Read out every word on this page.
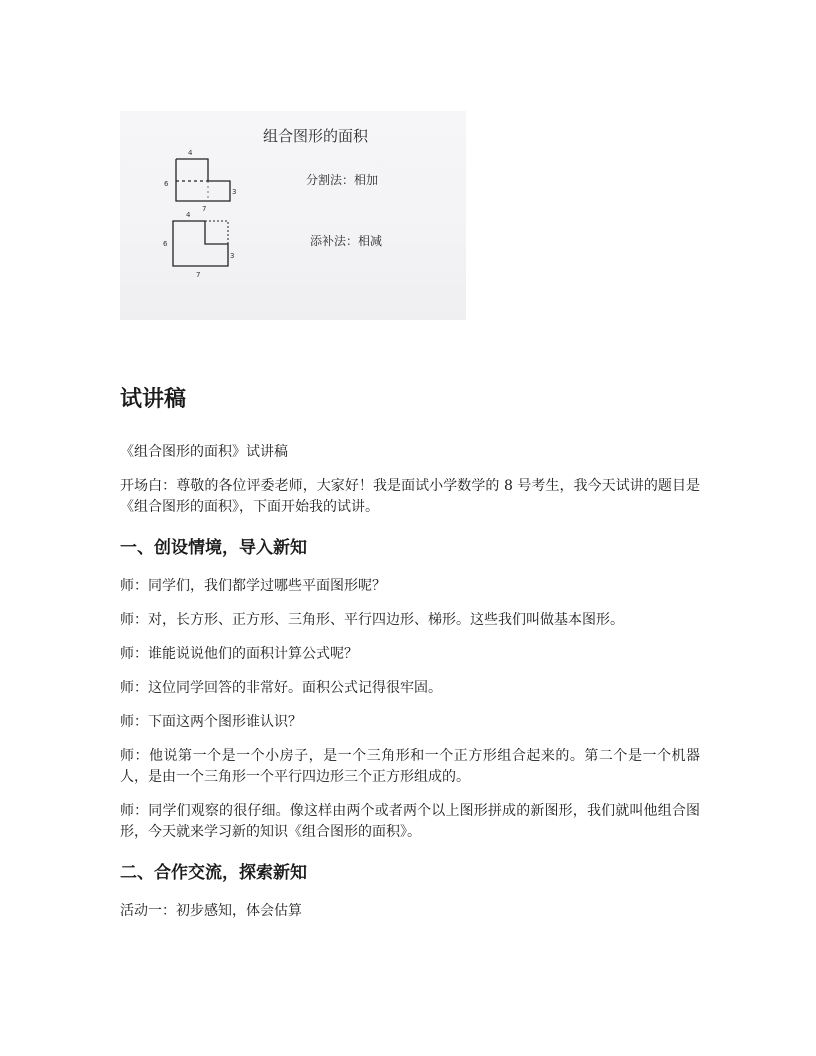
组合图形的面积
4
6
3
7
分割法：相加
4
6
3
7
添补法：相减
试讲稿

《组合图形的面积》试讲稿

开场白：尊敬的各位评委老师，大家好！我是面试小学数学的 8 号考生，我今天试讲的题目是《组合图形的面积》，下面开始我的试讲。

一、创设情境，导入新知

师：同学们，我们都学过哪些平面图形呢？

师：对，长方形、正方形、三角形、平行四边形、梯形。这些我们叫做基本图形。

师：谁能说说他们的面积计算公式呢？

师：这位同学回答的非常好。面积公式记得很牢固。

师：下面这两个图形谁认识？

师：他说第一个是一个小房子，是一个三角形和一个正方形组合起来的。第二个是一个机器人，是由一个三角形一个平行四边形三个正方形组成的。

师：同学们观察的很仔细。像这样由两个或者两个以上图形拼成的新图形，我们就叫他组合图形，今天就来学习新的知识《组合图形的面积》。

二、合作交流，探索新知

活动一：初步感知，体会估算
